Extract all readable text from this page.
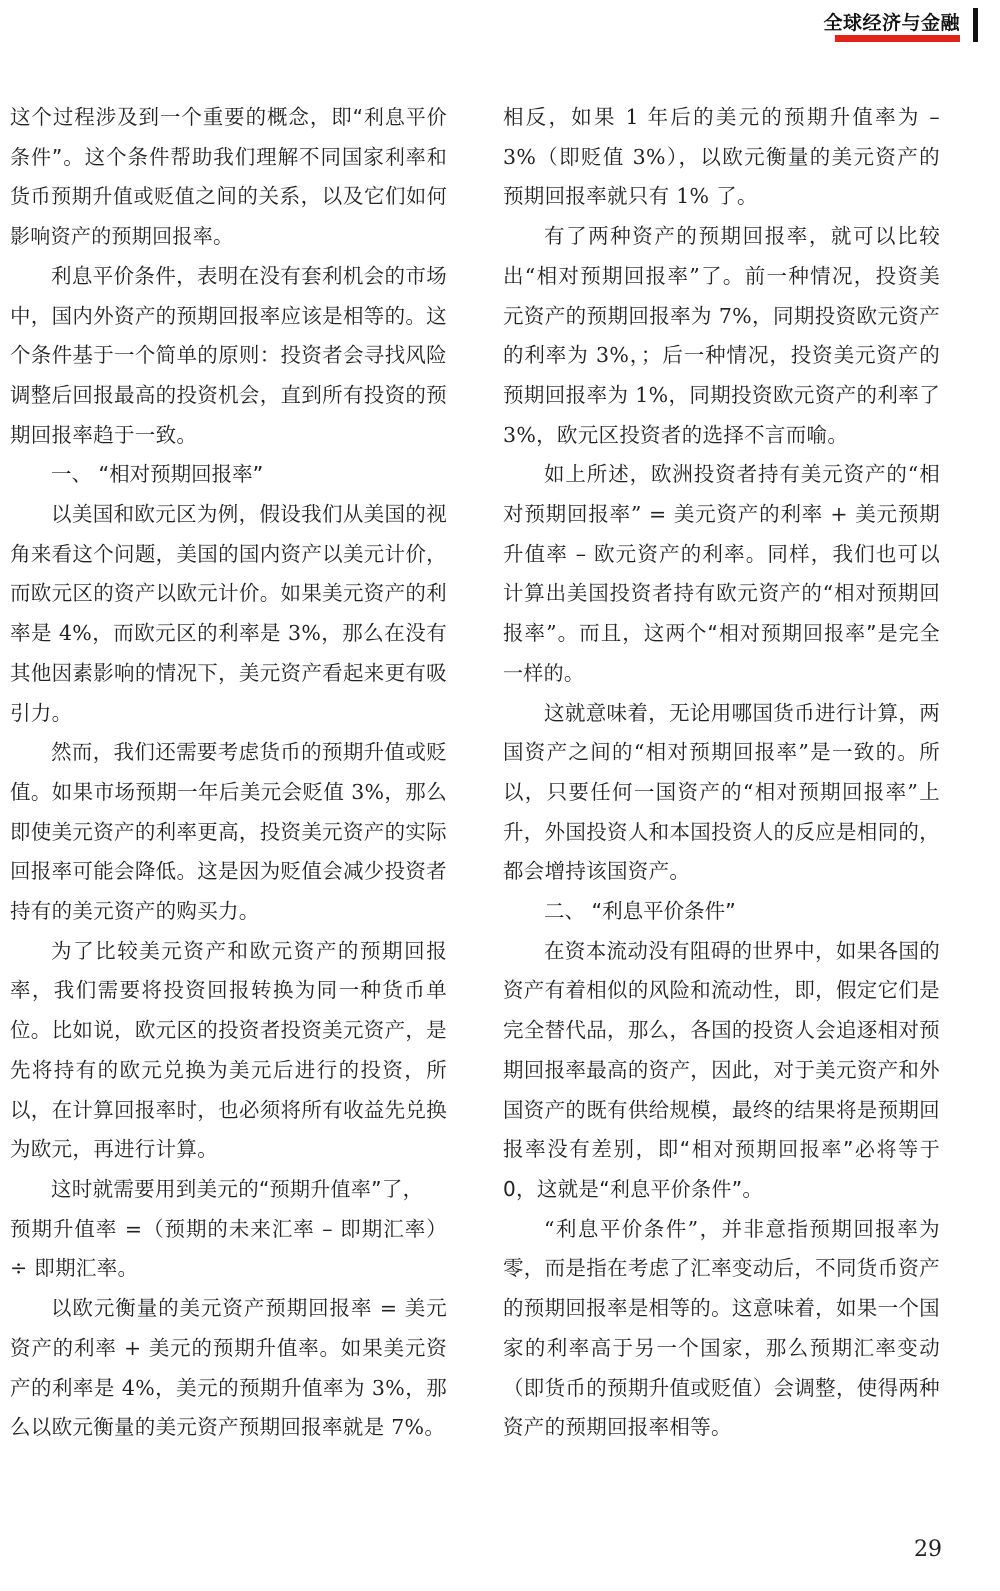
全球经济与金融

这个过程涉及到一个重要的概念，即“利息平价条件”。这个条件帮助我们理解不同国家利率和货币预期升值或贬值之间的关系，以及它们如何影响资产的预期回报率。

利息平价条件，表明在没有套利机会的市场中，国内外资产的预期回报率应该是相等的。这个条件基于一个简单的原则：投资者会寻找风险调整后回报最高的投资机会，直到所有投资的预期回报率趋于一致。

一、 “相对预期回报率”

以美国和欧元区为例，假设我们从美国的视角来看这个问题，美国的国内资产以美元计价，而欧元区的资产以欧元计价。如果美元资产的利率是 4%，而欧元区的利率是 3%，那么在没有其他因素影响的情况下，美元资产看起来更有吸引力。

然而，我们还需要考虑货币的预期升值或贬值。如果市场预期一年后美元会贬值 3%，那么即使美元资产的利率更高，投资美元资产的实际回报率可能会降低。这是因为贬值会减少投资者持有的美元资产的购买力。

为了比较美元资产和欧元资产的预期回报率，我们需要将投资回报转换为同一种货币单位。比如说，欧元区的投资者投资美元资产，是先将持有的欧元兑换为美元后进行的投资，所以，在计算回报率时，也必须将所有收益先兑换为欧元，再进行计算。

这时就需要用到美元的“预期升值率”了，

预期升值率 =（预期的未来汇率 – 即期汇率）÷ 即期汇率。

以欧元衡量的美元资产预期回报率 = 美元资产的利率 + 美元的预期升值率。如果美元资产的利率是 4%，美元的预期升值率为 3%，那么以欧元衡量的美元资产预期回报率就是 7%。

相反，如果 1 年后的美元的预期升值率为 – 3%（即贬值 3%），以欧元衡量的美元资产的预期回报率就只有 1% 了。

有了两种资产的预期回报率，就可以比较出“相对预期回报率”了。前一种情况，投资美元资产的预期回报率为 7%，同期投资欧元资产的利率为 3%，；后一种情况，投资美元资产的预期回报率为 1%，同期投资欧元资产的利率了 3%，欧元区投资者的选择不言而喻。

如上所述，欧洲投资者持有美元资产的“相对预期回报率” = 美元资产的利率 + 美元预期升值率 – 欧元资产的利率。同样，我们也可以计算出美国投资者持有欧元资产的“相对预期回报率”。而且，这两个“相对预期回报率”是完全一样的。

这就意味着，无论用哪国货币进行计算，两国资产之间的“相对预期回报率”是一致的。所以，只要任何一国资产的“相对预期回报率”上升，外国投资人和本国投资人的反应是相同的，都会增持该国资产。

二、 “利息平价条件”

在资本流动没有阻碍的世界中，如果各国的资产有着相似的风险和流动性，即，假定它们是完全替代品，那么，各国的投资人会追逐相对预期回报率最高的资产，因此，对于美元资产和外国资产的既有供给规模，最终的结果将是预期回报率没有差别，即“相对预期回报率”必将等于 0，这就是“利息平价条件”。

“利息平价条件”，并非意指预期回报率为零，而是指在考虑了汇率变动后，不同货币资产的预期回报率是相等的。这意味着，如果一个国家的利率高于另一个国家，那么预期汇率变动（即货币的预期升值或贬值）会调整，使得两种资产的预期回报率相等。

29
